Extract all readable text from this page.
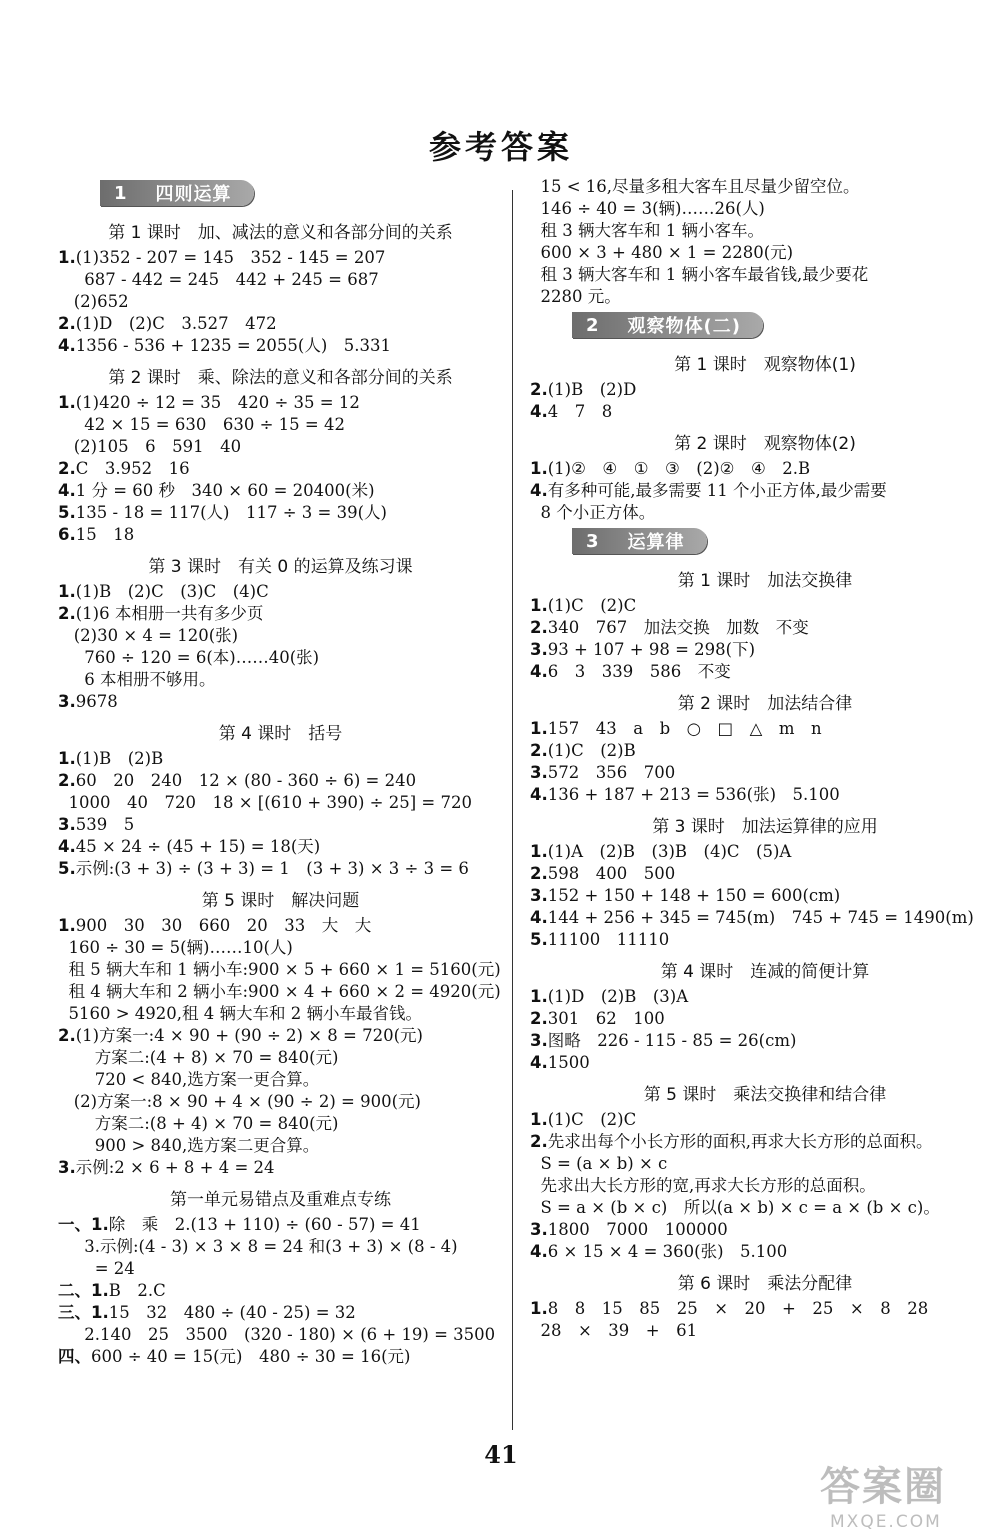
参考答案
1 四则运算
第 1 课时　加、减法的意义和各部分间的关系
1.(1)352 - 207 = 145　352 - 145 = 207
687 - 442 = 245　442 + 245 = 687
(2)652
2.(1)D　(2)C　3.527　472
4.1356 - 536 + 1235 = 2055(人)　5.331
第 2 课时　乘、除法的意义和各部分间的关系
1.(1)420 ÷ 12 = 35　420 ÷ 35 = 12
42 × 15 = 630　630 ÷ 15 = 42
(2)105　6　591　40
2.C　3.952　16
4.1 分 = 60 秒　340 × 60 = 20400(米)
5.135 - 18 = 117(人)　117 ÷ 3 = 39(人)
6.15　18
第 3 课时　有关 0 的运算及练习课
1.(1)B　(2)C　(3)C　(4)C
2.(1)6 本相册一共有多少页
(2)30 × 4 = 120(张)
760 ÷ 120 = 6(本)……40(张)
6 本相册不够用。
3.9678
第 4 课时　括号
1.(1)B　(2)B
2.60　20　240　12 × (80 - 360 ÷ 6) = 240
1000　40　720　18 × [(610 + 390) ÷ 25] = 720
3.539　5
4.45 × 24 ÷ (45 + 15) = 18(天)
5.示例:(3 + 3) ÷ (3 + 3) = 1　(3 + 3) × 3 ÷ 3 = 6
第 5 课时　解决问题
1.900　30　30　660　20　33　大　大
160 ÷ 30 = 5(辆)……10(人)
租 5 辆大车和 1 辆小车:900 × 5 + 660 × 1 = 5160(元)
租 4 辆大车和 2 辆小车:900 × 4 + 660 × 2 = 4920(元)
5160 > 4920,租 4 辆大车和 2 辆小车最省钱。
2.(1)方案一:4 × 90 + (90 ÷ 2) × 8 = 720(元)
方案二:(4 + 8) × 70 = 840(元)
720 < 840,选方案一更合算。
(2)方案一:8 × 90 + 4 × (90 ÷ 2) = 900(元)
方案二:(8 + 4) × 70 = 840(元)
900 > 840,选方案二更合算。
3.示例:2 × 6 + 8 + 4 = 24
第一单元易错点及重难点专练
一、1.除　乘　2.(13 + 110) ÷ (60 - 57) = 41
3.示例:(4 - 3) × 3 × 8 = 24 和(3 + 3) × (8 - 4)
= 24
二、1.B　2.C
三、1.15　32　480 ÷ (40 - 25) = 32
2.140　25　3500　(320 - 180) × (6 + 19) = 3500
四、600 ÷ 40 = 15(元)　480 ÷ 30 = 16(元)
15 < 16,尽量多租大客车且尽量少留空位。
146 ÷ 40 = 3(辆)……26(人)
租 3 辆大客车和 1 辆小客车。
600 × 3 + 480 × 1 = 2280(元)
租 3 辆大客车和 1 辆小客车最省钱,最少要花
2280 元。
2 观察物体(二)
第 1 课时　观察物体(1)
2.(1)B　(2)D
4.4　7　8
第 2 课时　观察物体(2)
1.(1)②　④　①　③　(2)②　④　2.B
4.有多种可能,最多需要 11 个小正方体,最少需要
8 个小正方体。
3 运算律
第 1 课时　加法交换律
1.(1)C　(2)C
2.340　767　加法交换　加数　不变
3.93 + 107 + 98 = 298(下)
4.6　3　339　586　不变
第 2 课时　加法结合律
1.157　43　a　b　○　□　△　m　n
2.(1)C　(2)B
3.572　356　700
4.136 + 187 + 213 = 536(张)　5.100
第 3 课时　加法运算律的应用
1.(1)A　(2)B　(3)B　(4)C　(5)A
2.598　400　500
3.152 + 150 + 148 + 150 = 600(cm)
4.144 + 256 + 345 = 745(m)　745 + 745 = 1490(m)
5.11100　11110
第 4 课时　连减的简便计算
1.(1)D　(2)B　(3)A
2.301　62　100
3.图略　226 - 115 - 85 = 26(cm)
4.1500
第 5 课时　乘法交换律和结合律
1.(1)C　(2)C
2.先求出每个小长方形的面积,再求大长方形的总面积。
S = (a × b) × c
先求出大长方形的宽,再求大长方形的总面积。
S = a × (b × c)　所以(a × b) × c = a × (b × c)。
3.1800　7000　100000
4.6 × 15 × 4 = 360(张)　5.100
第 6 课时　乘法分配律
1.8　8　15　85　25　×　20　+　25　×　8　28
28　×　39　+　61
41
答案圈
MXQE.COM
